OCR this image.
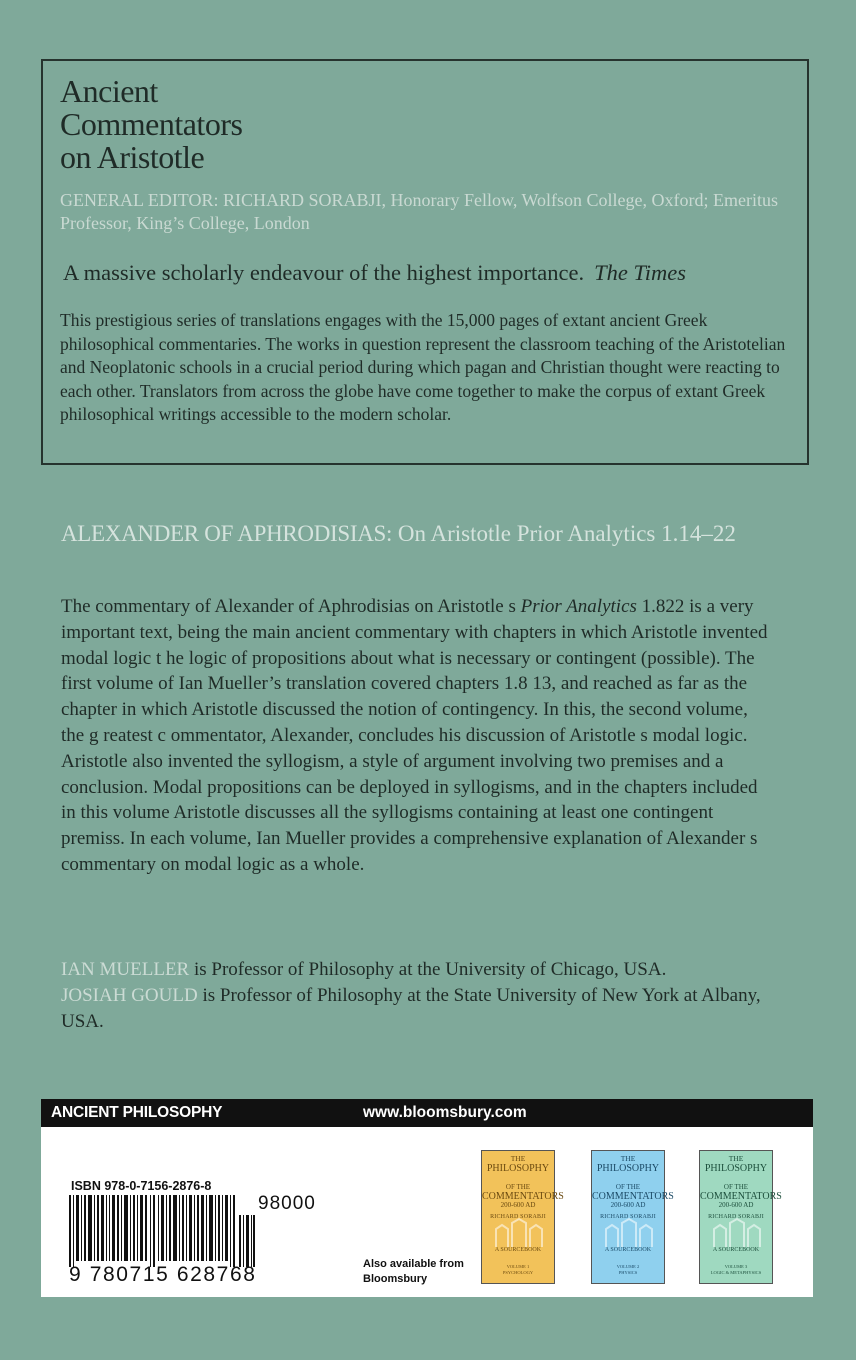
Ancient
Commentators
on Aristotle
GENERAL EDITOR: RICHARD SORABJI, Honorary Fellow, Wolfson College, Oxford; Emeritus Professor, King’s College, London
A massive scholarly endeavour of the highest importance. The Times
This prestigious series of translations engages with the 15,000 pages of extant ancient Greek philosophical commentaries. The works in question represent the classroom teaching of the Aristotelian and Neoplatonic schools in a crucial period during which pagan and Christian thought were reacting to each other. Translators from across the globe have come together to make the corpus of extant Greek philosophical writings accessible to the modern scholar.
ALEXANDER OF APHRODISIAS: On Aristotle Prior Analytics 1.14–22
The commentary of Alexander of Aphrodisias on Aristotle s Prior Analytics 1.822 is a very important text, being the main ancient commentary with chapters in which Aristotle invented modal logic t he logic of propositions about what is necessary or contingent (possible). The first volume of Ian Mueller’s translation covered chapters 1.8 13, and reached as far as the chapter in which Aristotle discussed the notion of contingency. In this, the second volume, the g reatest c ommentator, Alexander, concludes his discussion of Aristotle s modal logic. Aristotle also invented the syllogism, a style of argument involving two premises and a conclusion. Modal propositions can be deployed in syllogisms, and in the chapters included in this volume Aristotle discusses all the syllogisms containing at least one contingent premiss. In each volume, Ian Mueller provides a comprehensive explanation of Alexander s commentary on modal logic as a whole.
IAN MUELLER is Professor of Philosophy at the University of Chicago, USA.
JOSIAH GOULD is Professor of Philosophy at the State University of New York at Albany, USA.
ANCIENT PHILOSOPHY	www.bloomsbury.com
ISBN 978-0-7156-2876-8
98000
9 780715 628768	Also available from Bloomsbury
THE
PHILOSOPHY
OF THE
COMMENTATORS
200-600 AD
RICHARD SORABJI
A SOURCEBOOK
VOLUME 1
PSYCHOLOGY
THE
PHILOSOPHY
OF THE
COMMENTATORS
200-600 AD
RICHARD SORABJI
A SOURCEBOOK
VOLUME 2
PHYSICS
THE
PHILOSOPHY
OF THE
COMMENTATORS
200-600 AD
RICHARD SORABJI
A SOURCEBOOK
VOLUME 3
LOGIC & METAPHYSICS
